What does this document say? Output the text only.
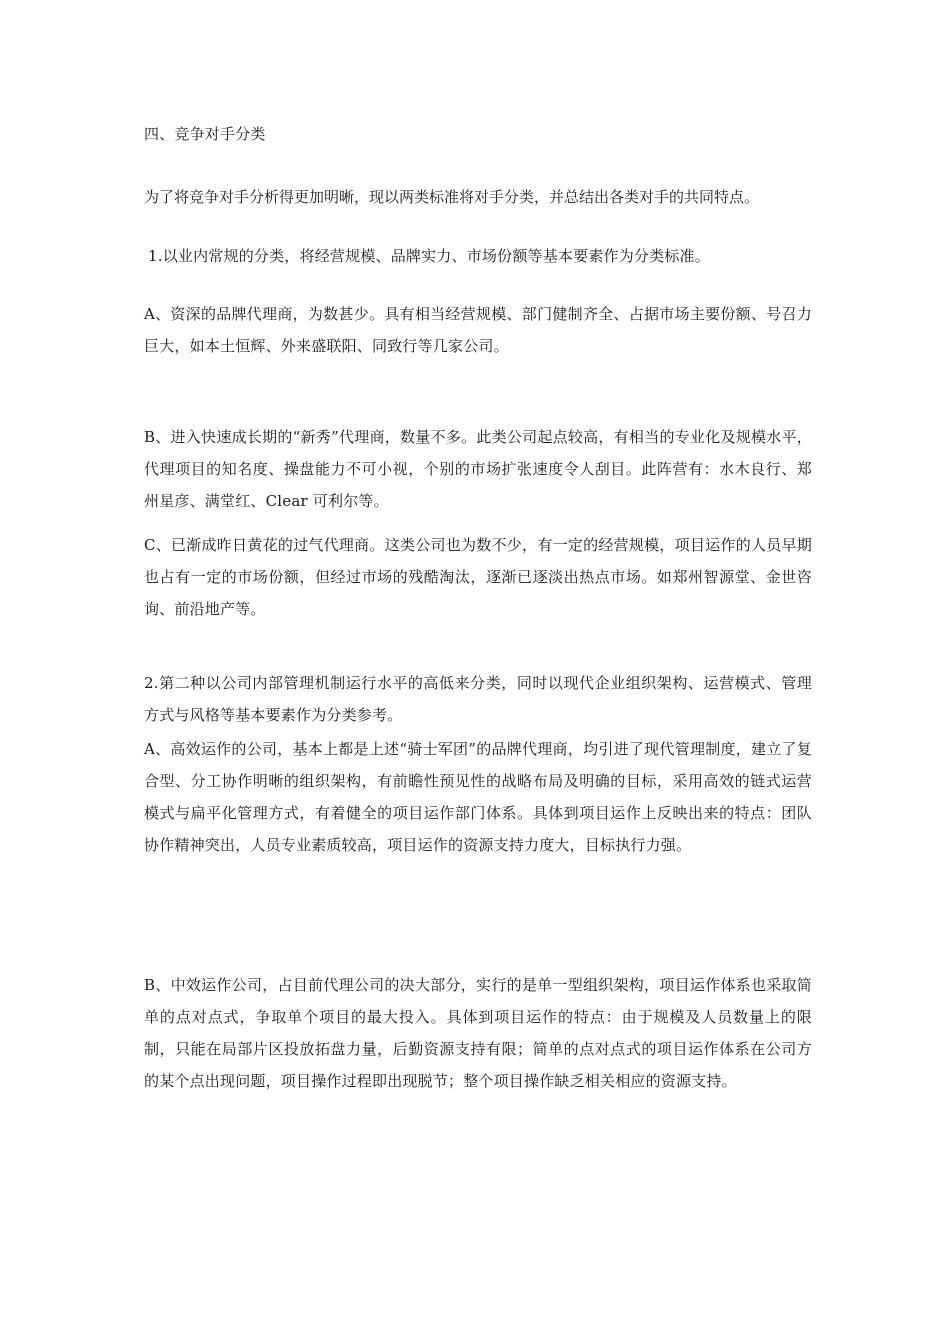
四、竞争对手分类

为了将竞争对手分析得更加明晰，现以两类标准将对手分类，并总结出各类对手的共同特点。

1.以业内常规的分类，将经营规模、品牌实力、市场份额等基本要素作为分类标准。

A、资深的品牌代理商，为数甚少。具有相当经营规模、部门健制齐全、占据市场主要份额、号召力巨大，如本土恒辉、外来盛联阳、同致行等几家公司。

B、进入快速成长期的“新秀”代理商，数量不多。此类公司起点较高，有相当的专业化及规模水平，代理项目的知名度、操盘能力不可小视，个别的市场扩张速度令人刮目。此阵营有：水木良行、郑州星彦、满堂红、Clear 可利尔等。

C、已渐成昨日黄花的过气代理商。这类公司也为数不少，有一定的经营规模，项目运作的人员早期也占有一定的市场份额，但经过市场的残酷淘汰，逐渐已逐淡出热点市场。如郑州智源堂、金世咨询、前沿地产等。

2.第二种以公司内部管理机制运行水平的高低来分类，同时以现代企业组织架构、运营模式、管理方式与风格等基本要素作为分类参考。

A、高效运作的公司，基本上都是上述“骑士军团”的品牌代理商，均引进了现代管理制度，建立了复合型、分工协作明晰的组织架构，有前瞻性预见性的战略布局及明确的目标，采用高效的链式运营模式与扁平化管理方式，有着健全的项目运作部门体系。具体到项目运作上反映出来的特点：团队协作精神突出，人员专业素质较高，项目运作的资源支持力度大，目标执行力强。

B、中效运作公司，占目前代理公司的决大部分，实行的是单一型组织架构，项目运作体系也采取简单的点对点式，争取单个项目的最大投入。具体到项目运作的特点：由于规模及人员数量上的限制，只能在局部片区投放拓盘力量，后勤资源支持有限；简单的点对点式的项目运作体系在公司方的某个点出现问题，项目操作过程即出现脱节；整个项目操作缺乏相关相应的资源支持。
